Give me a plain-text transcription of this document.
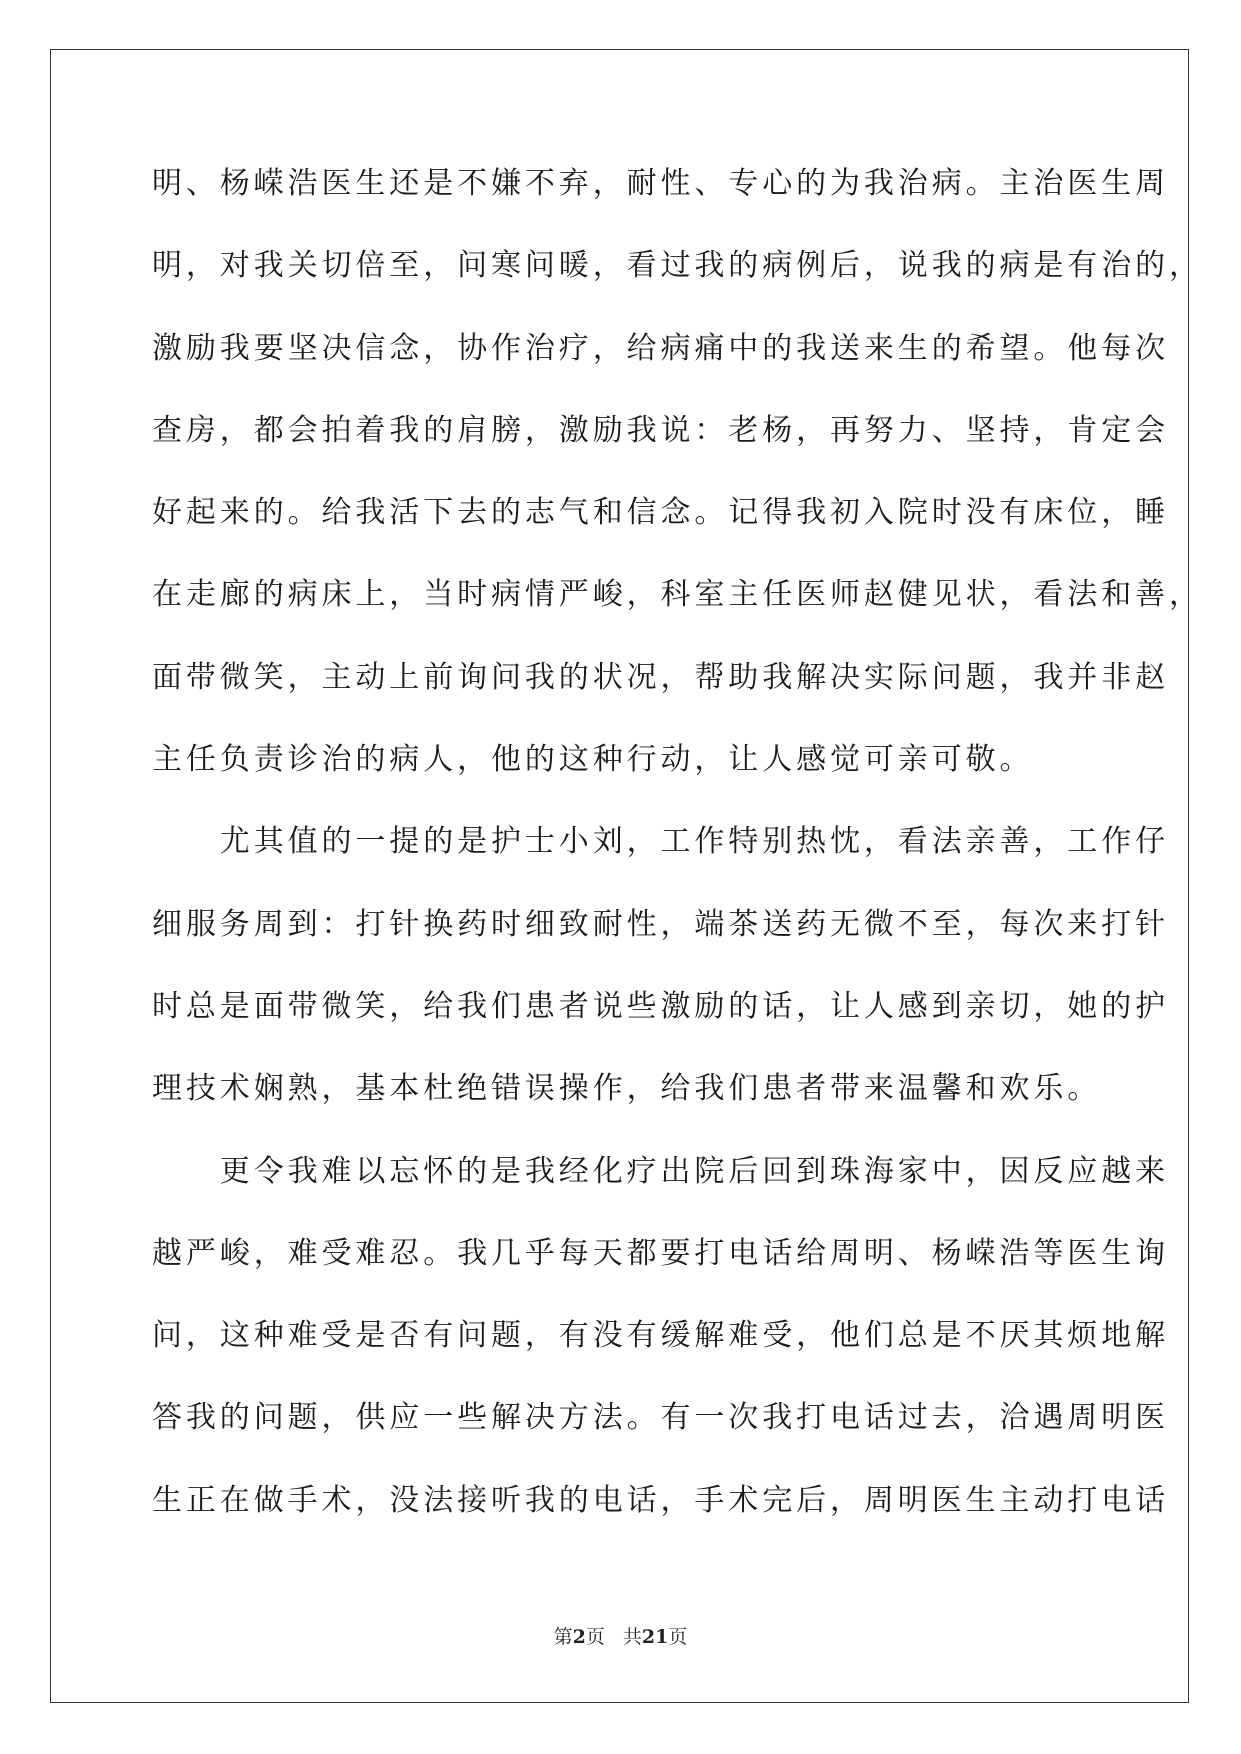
明、杨嵘浩医生还是不嫌不弃，耐性、专心的为我治病。主治医生周
明，对我关切倍至，问寒问暖，看过我的病例后，说我的病是有治的，
激励我要坚决信念，协作治疗，给病痛中的我送来生的希望。他每次
查房，都会拍着我的肩膀，激励我说：老杨，再努力、坚持，肯定会
好起来的。给我活下去的志气和信念。记得我初入院时没有床位，睡
在走廊的病床上，当时病情严峻，科室主任医师赵健见状，看法和善，
面带微笑，主动上前询问我的状况，帮助我解决实际问题，我并非赵
主任负责诊治的病人，他的这种行动，让人感觉可亲可敬。
　　尤其值的一提的是护士小刘，工作特别热忱，看法亲善，工作仔
细服务周到：打针换药时细致耐性，端茶送药无微不至，每次来打针
时总是面带微笑，给我们患者说些激励的话，让人感到亲切，她的护
理技术娴熟，基本杜绝错误操作，给我们患者带来温馨和欢乐。
　　更令我难以忘怀的是我经化疗出院后回到珠海家中，因反应越来
越严峻，难受难忍。我几乎每天都要打电话给周明、杨嵘浩等医生询
问，这种难受是否有问题，有没有缓解难受，他们总是不厌其烦地解
答我的问题，供应一些解决方法。有一次我打电话过去，洽遇周明医
生正在做手术，没法接听我的电话，手术完后，周明医生主动打电话
第2页 共21页
